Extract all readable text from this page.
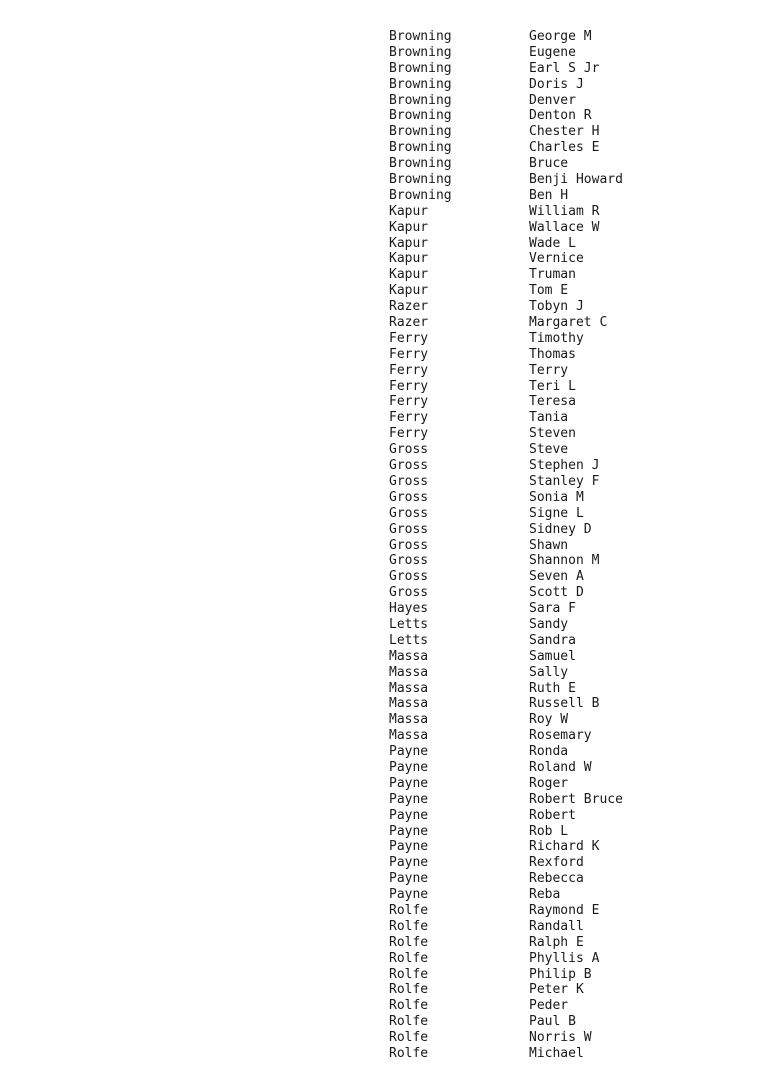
Browning	George M
Browning	Eugene
Browning	Earl S Jr
Browning	Doris J
Browning	Denver
Browning	Denton R
Browning	Chester H
Browning	Charles E
Browning	Bruce
Browning	Benji Howard
Browning	Ben H
Kapur	William R
Kapur	Wallace W
Kapur	Wade L
Kapur	Vernice
Kapur	Truman
Kapur	Tom E
Razer	Tobyn J
Razer	Margaret C
Ferry	Timothy
Ferry	Thomas
Ferry	Terry
Ferry	Teri L
Ferry	Teresa
Ferry	Tania
Ferry	Steven
Gross	Steve
Gross	Stephen J
Gross	Stanley F
Gross	Sonia M
Gross	Signe L
Gross	Sidney D
Gross	Shawn
Gross	Shannon M
Gross	Seven A
Gross	Scott D
Hayes	Sara F
Letts	Sandy
Letts	Sandra
Massa	Samuel
Massa	Sally
Massa	Ruth E
Massa	Russell B
Massa	Roy W
Massa	Rosemary
Payne	Ronda
Payne	Roland W
Payne	Roger
Payne	Robert Bruce
Payne	Robert
Payne	Rob L
Payne	Richard K
Payne	Rexford
Payne	Rebecca
Payne	Reba
Rolfe	Raymond E
Rolfe	Randall
Rolfe	Ralph E
Rolfe	Phyllis A
Rolfe	Philip B
Rolfe	Peter K
Rolfe	Peder
Rolfe	Paul B
Rolfe	Norris W
Rolfe	Michael
